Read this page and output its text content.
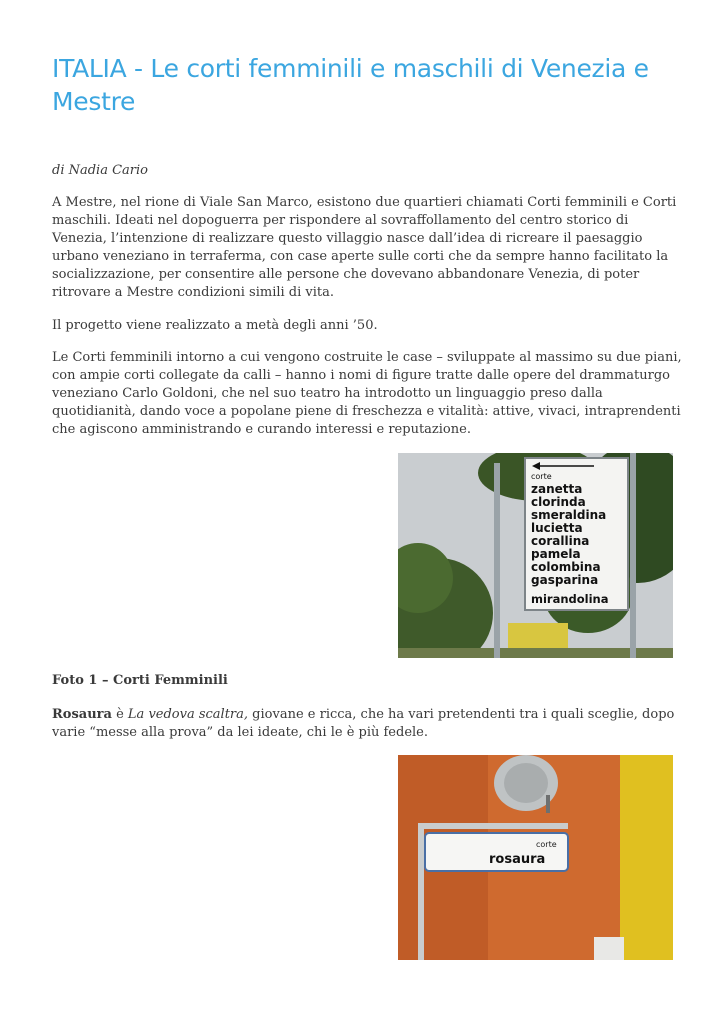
ITALIA - Le corti femminili e maschili di Venezia e Mestre

di Nadia Cario

A Mestre, nel rione di Viale San Marco, esistono due quartieri chiamati Corti femminili e Corti maschili. Ideati nel dopoguerra per rispondere al sovraffollamento del centro storico di Venezia, l’intenzione di realizzare questo villaggio nasce dall’idea di ricreare il paesaggio urbano veneziano in terraferma, con case aperte sulle corti che da sempre hanno facilitato la socializzazione, per consentire alle persone che dovevano abbandonare Venezia, di poter ritrovare a Mestre condizioni simili di vita.

Il progetto viene realizzato a metà degli anni ’50.

Le Corti femminili intorno a cui vengono costruite le case – sviluppate al massimo su due piani, con ampie corti collegate da calli – hanno i nomi di figure tratte dalle opere del drammaturgo veneziano Carlo Goldoni, che nel suo teatro ha introdotto un linguaggio preso dalla quotidianità, dando voce a popolane piene di freschezza e vitalità: attive, vivaci, intraprendenti che agiscono amministrando e curando interessi e reputazione.

corte
zanetta
clorinda
smeraldina
lucietta
corallina
pamela
colombina
gasparina
mirandolina

Foto 1 – Corti Femminili

Rosaura è La vedova scaltra, giovane e ricca, che ha vari pretendenti tra i quali sceglie, dopo varie “messe alla prova” da lei ideate, chi le è più fedele.

corte
rosaura
